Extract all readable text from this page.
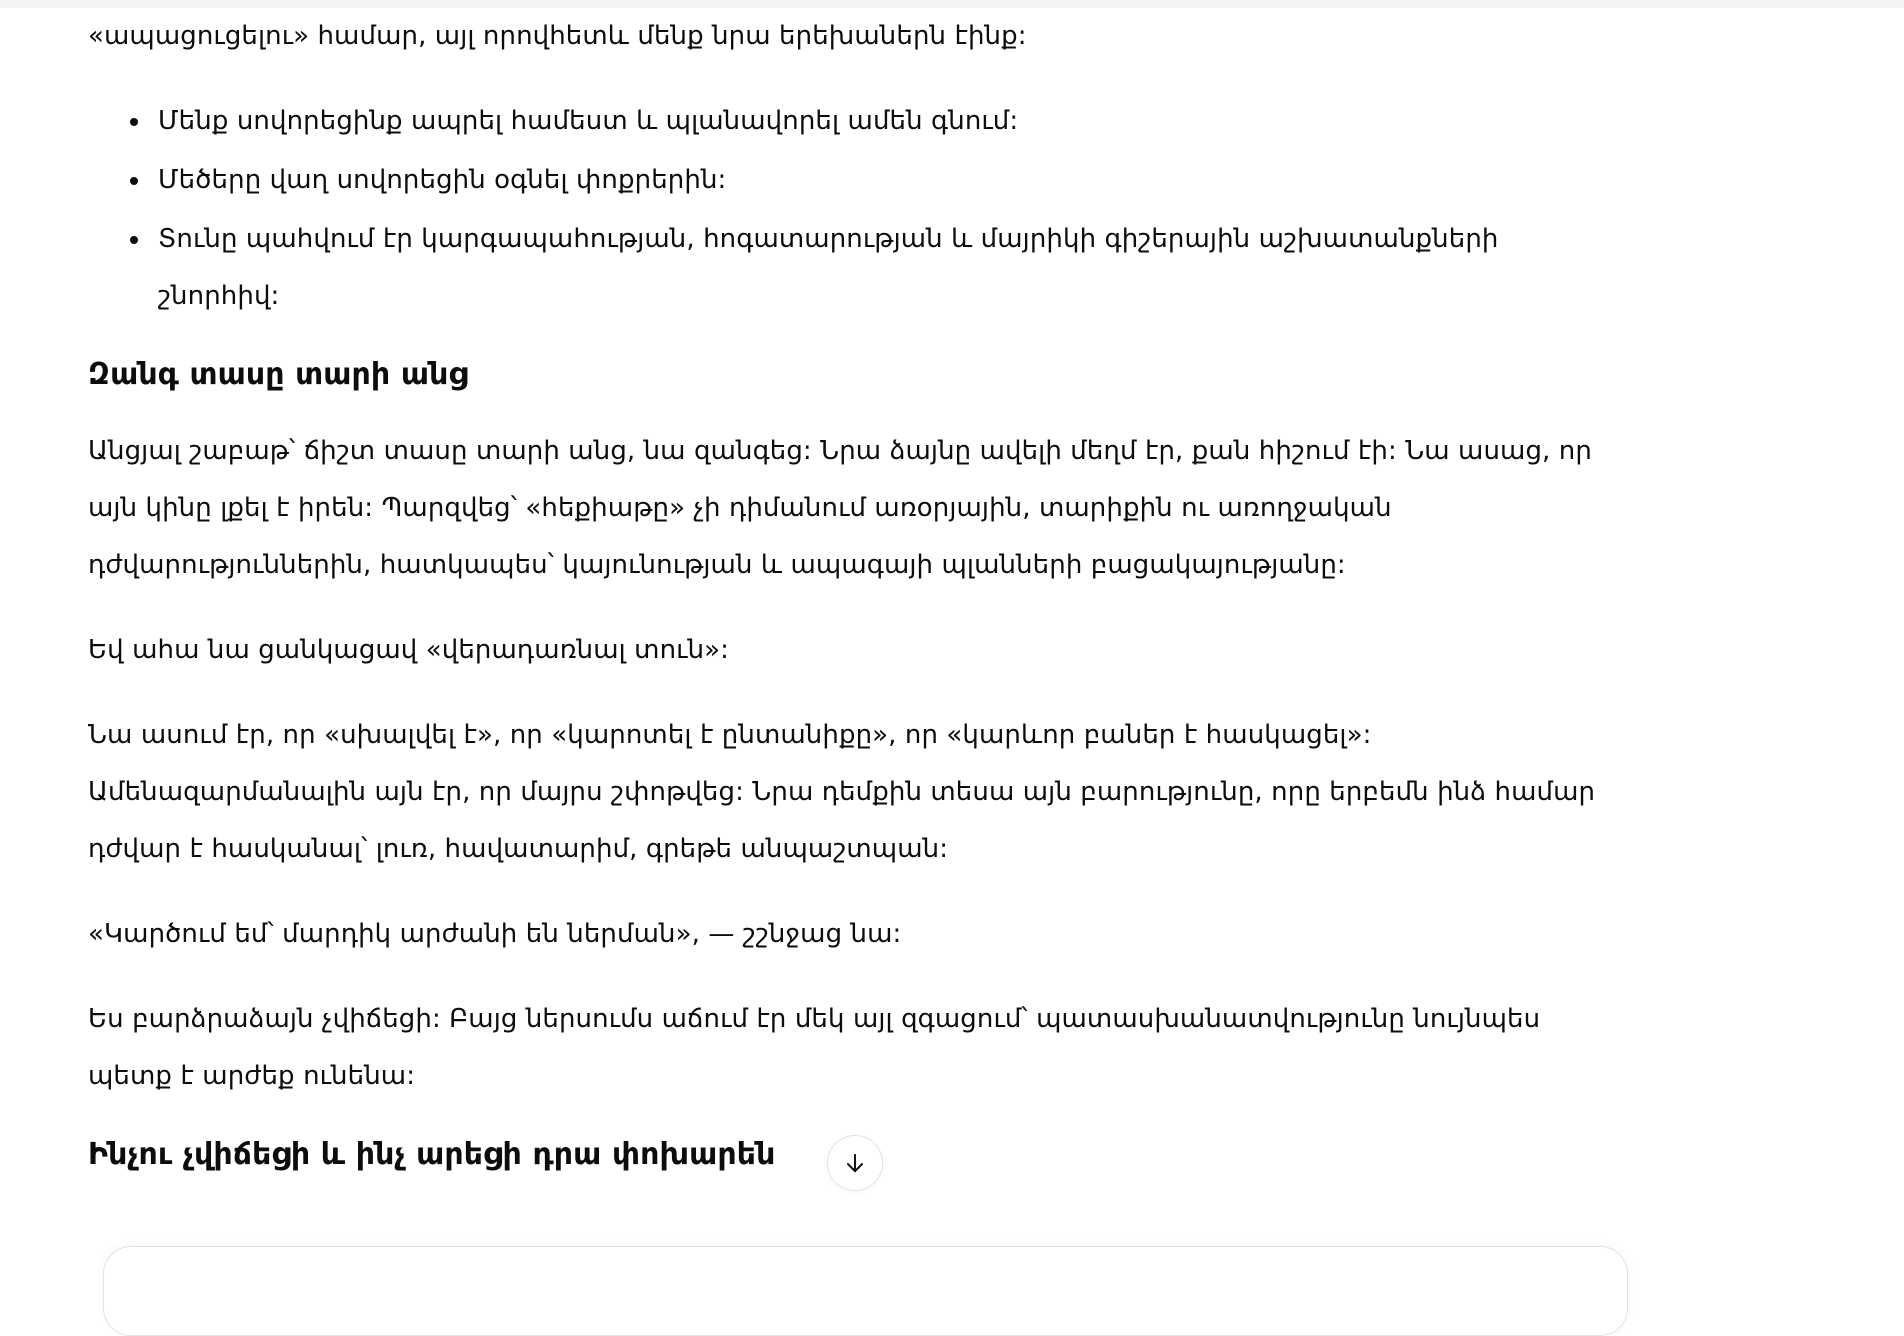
«ապացուցելու» համար, այլ որովհետև մենք նրա երեխաներն էինք:

• Մենք սովորեցինք ապրել համեստ և պլանավորել ամեն գնում:
• Մեծերը վաղ սովորեցին օգնել փոքրերին:
• Տունը պահվում էր կարգապահության, հոգատարության և մայրիկի գիշերային աշխատանքների շնորհիվ:
Զանգ տասը տարի անց

Անցյալ շաբաթ՝ ճիշտ տասը տարի անց, նա զանգեց: Նրա ձայնը ավելի մեղմ էր, քան հիշում էի: Նա ասաց, որ այն կինը լքել է իրեն: Պարզվեց՝ «հեքիաթը» չի դիմանում առօրյային, տարիքին ու առողջական դժվարություններին, հատկապես՝ կայունության և ապագայի պլանների բացակայությանը:

Եվ ահա նա ցանկացավ «վերադառնալ տուն»:

Նա ասում էր, որ «սխալվել է», որ «կարոտել է ընտանիքը», որ «կարևոր բաներ է հասկացել»: Ամենազարմանալին այն էր, որ մայրս շփոթվեց: Նրա դեմքին տեսա այն բարությունը, որը երբեմն ինձ համար դժվար է հասկանալ՝ լուռ, հավատարիմ, գրեթե անպաշտպան:

«Կարծում եմ՝ մարդիկ արժանի են ներման», — շշնջաց նա:

Ես բարձրաձայն չվիճեցի: Բայց ներսումս աճում էր մեկ այլ զգացում՝ պատասխանատվությունը նույնպես պետք է արժեք ունենա:

Ինչու չվիճեցի և ինչ արեցի դրա փոխարեն
